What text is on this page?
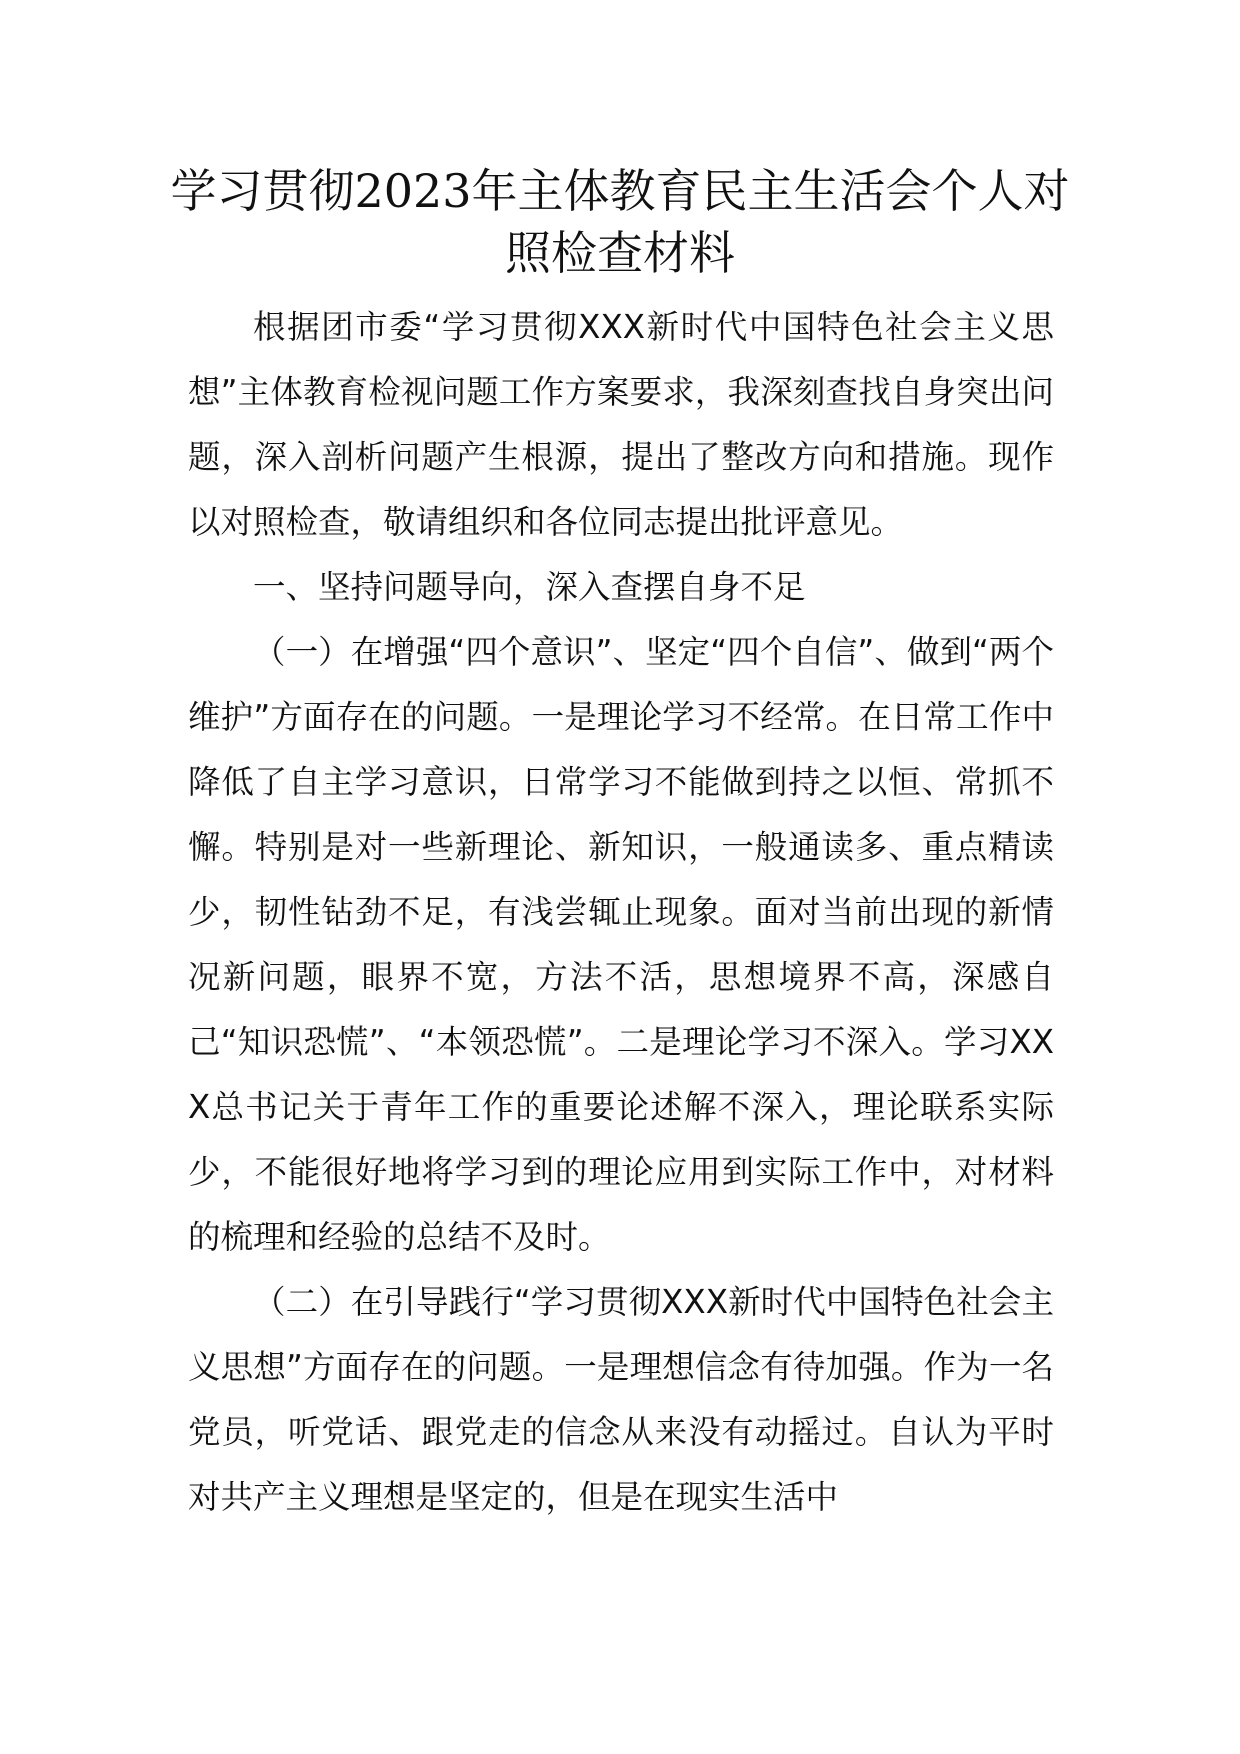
学习贯彻2023年主体教育民主生活会个人对照检查材料

根据团市委“学习贯彻XXX新时代中国特色社会主义思想”主体教育检视问题工作方案要求，我深刻查找自身突出问题，深入剖析问题产生根源，提出了整改方向和措施。现作以对照检查，敬请组织和各位同志提出批评意见。

一、坚持问题导向，深入查摆自身不足

（一）在增强“四个意识”、坚定“四个自信”、做到“两个维护”方面存在的问题。一是理论学习不经常。在日常工作中降低了自主学习意识，日常学习不能做到持之以恒、常抓不懈。特别是对一些新理论、新知识，一般通读多、重点精读少，韧性钻劲不足，有浅尝辄止现象。面对当前出现的新情况新问题，眼界不宽，方法不活，思想境界不高，深感自己“知识恐慌”、“本领恐慌”。二是理论学习不深入。学习XXX总书记关于青年工作的重要论述解不深入，理论联系实际少，不能很好地将学习到的理论应用到实际工作中，对材料的梳理和经验的总结不及时。

（二）在引导践行“学习贯彻XXX新时代中国特色社会主义思想”方面存在的问题。一是理想信念有待加强。作为一名党员，听党话、跟党走的信念从来没有动摇过。自认为平时对共产主义理想是坚定的，但是在现实生活中
